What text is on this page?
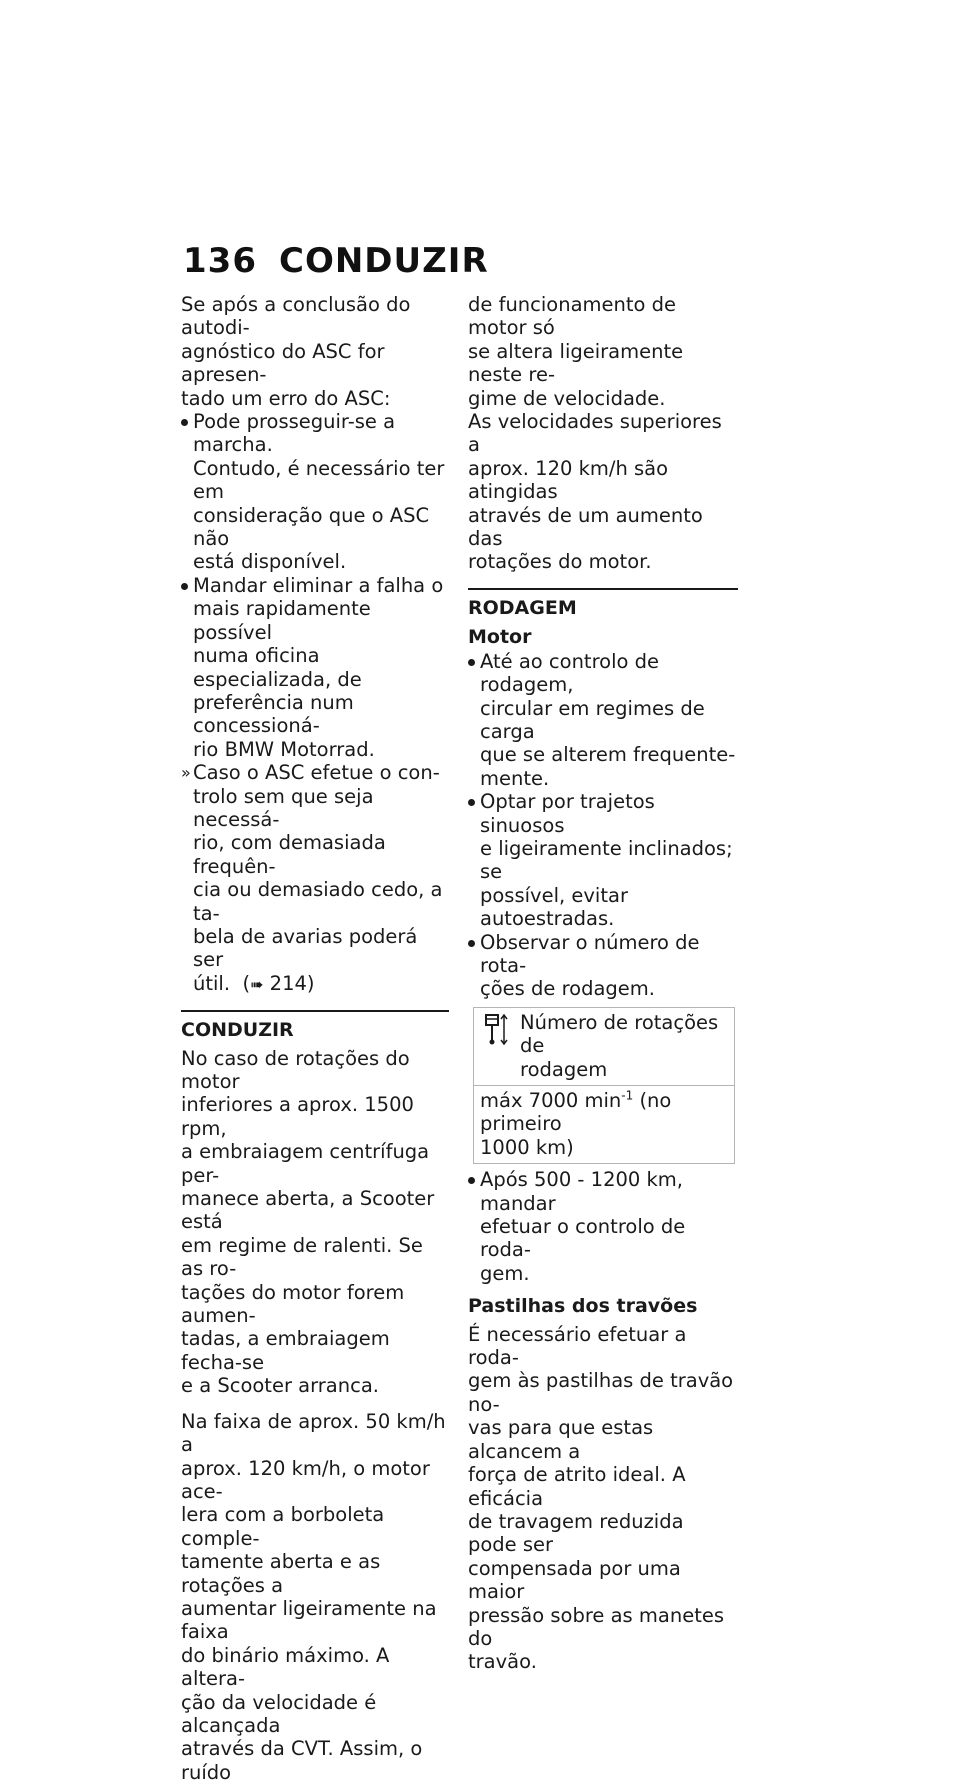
136 CONDUZIR

Se após a conclusão do autodi-
agnóstico do ASC for apresen-
tado um erro do ASC:

Pode prosseguir-se a marcha.
Contudo, é necessário ter em
consideração que o ASC não
está disponível.

Mandar eliminar a falha o
mais rapidamente possível
numa oficina especializada, de
preferência num concessioná-
rio BMW Motorrad.

» Caso o ASC efetue o con-
trolo sem que seja necessá-
rio, com demasiada frequên-
cia ou demasiado cedo, a ta-
bela de avarias poderá ser
útil.  (➠ 214)

CONDUZIR

No caso de rotações do motor
inferiores a aprox. 1500 rpm,
a embraiagem centrífuga per-
manece aberta, a Scooter está
em regime de ralenti. Se as ro-
tações do motor forem aumen-
tadas, a embraiagem fecha-se
e a Scooter arranca.

Na faixa de aprox. 50 km/h a
aprox. 120 km/h, o motor ace-
lera com a borboleta comple-
tamente aberta e as rotações a
aumentar ligeiramente na faixa
do binário máximo. A altera-
ção da velocidade é alcançada
através da CVT. Assim, o ruído

de funcionamento de motor só
se altera ligeiramente neste re-
gime de velocidade.

As velocidades superiores a
aprox. 120 km/h são atingidas
através de um aumento das
rotações do motor.

RODAGEM

Motor

Até ao controlo de rodagem,
circular em regimes de carga
que se alterem frequente-
mente.

Optar por trajetos sinuosos
e ligeiramente inclinados; se
possível, evitar autoestradas.

Observar o número de rota-
ções de rodagem.

Número de rotações de
rodagem

máx 7000 $\min^{-1} (no$ primeiro
1000 km)

Após 500 - 1200 km, mandar
efetuar o controlo de roda-
gem.

Pastilhas dos travões

É necessário efetuar a roda-
gem às pastilhas de travão no-
vas para que estas alcancem a
força de atrito ideal. A eficácia
de travagem reduzida pode ser
compensada por uma maior
pressão sobre as manetes do
travão.
